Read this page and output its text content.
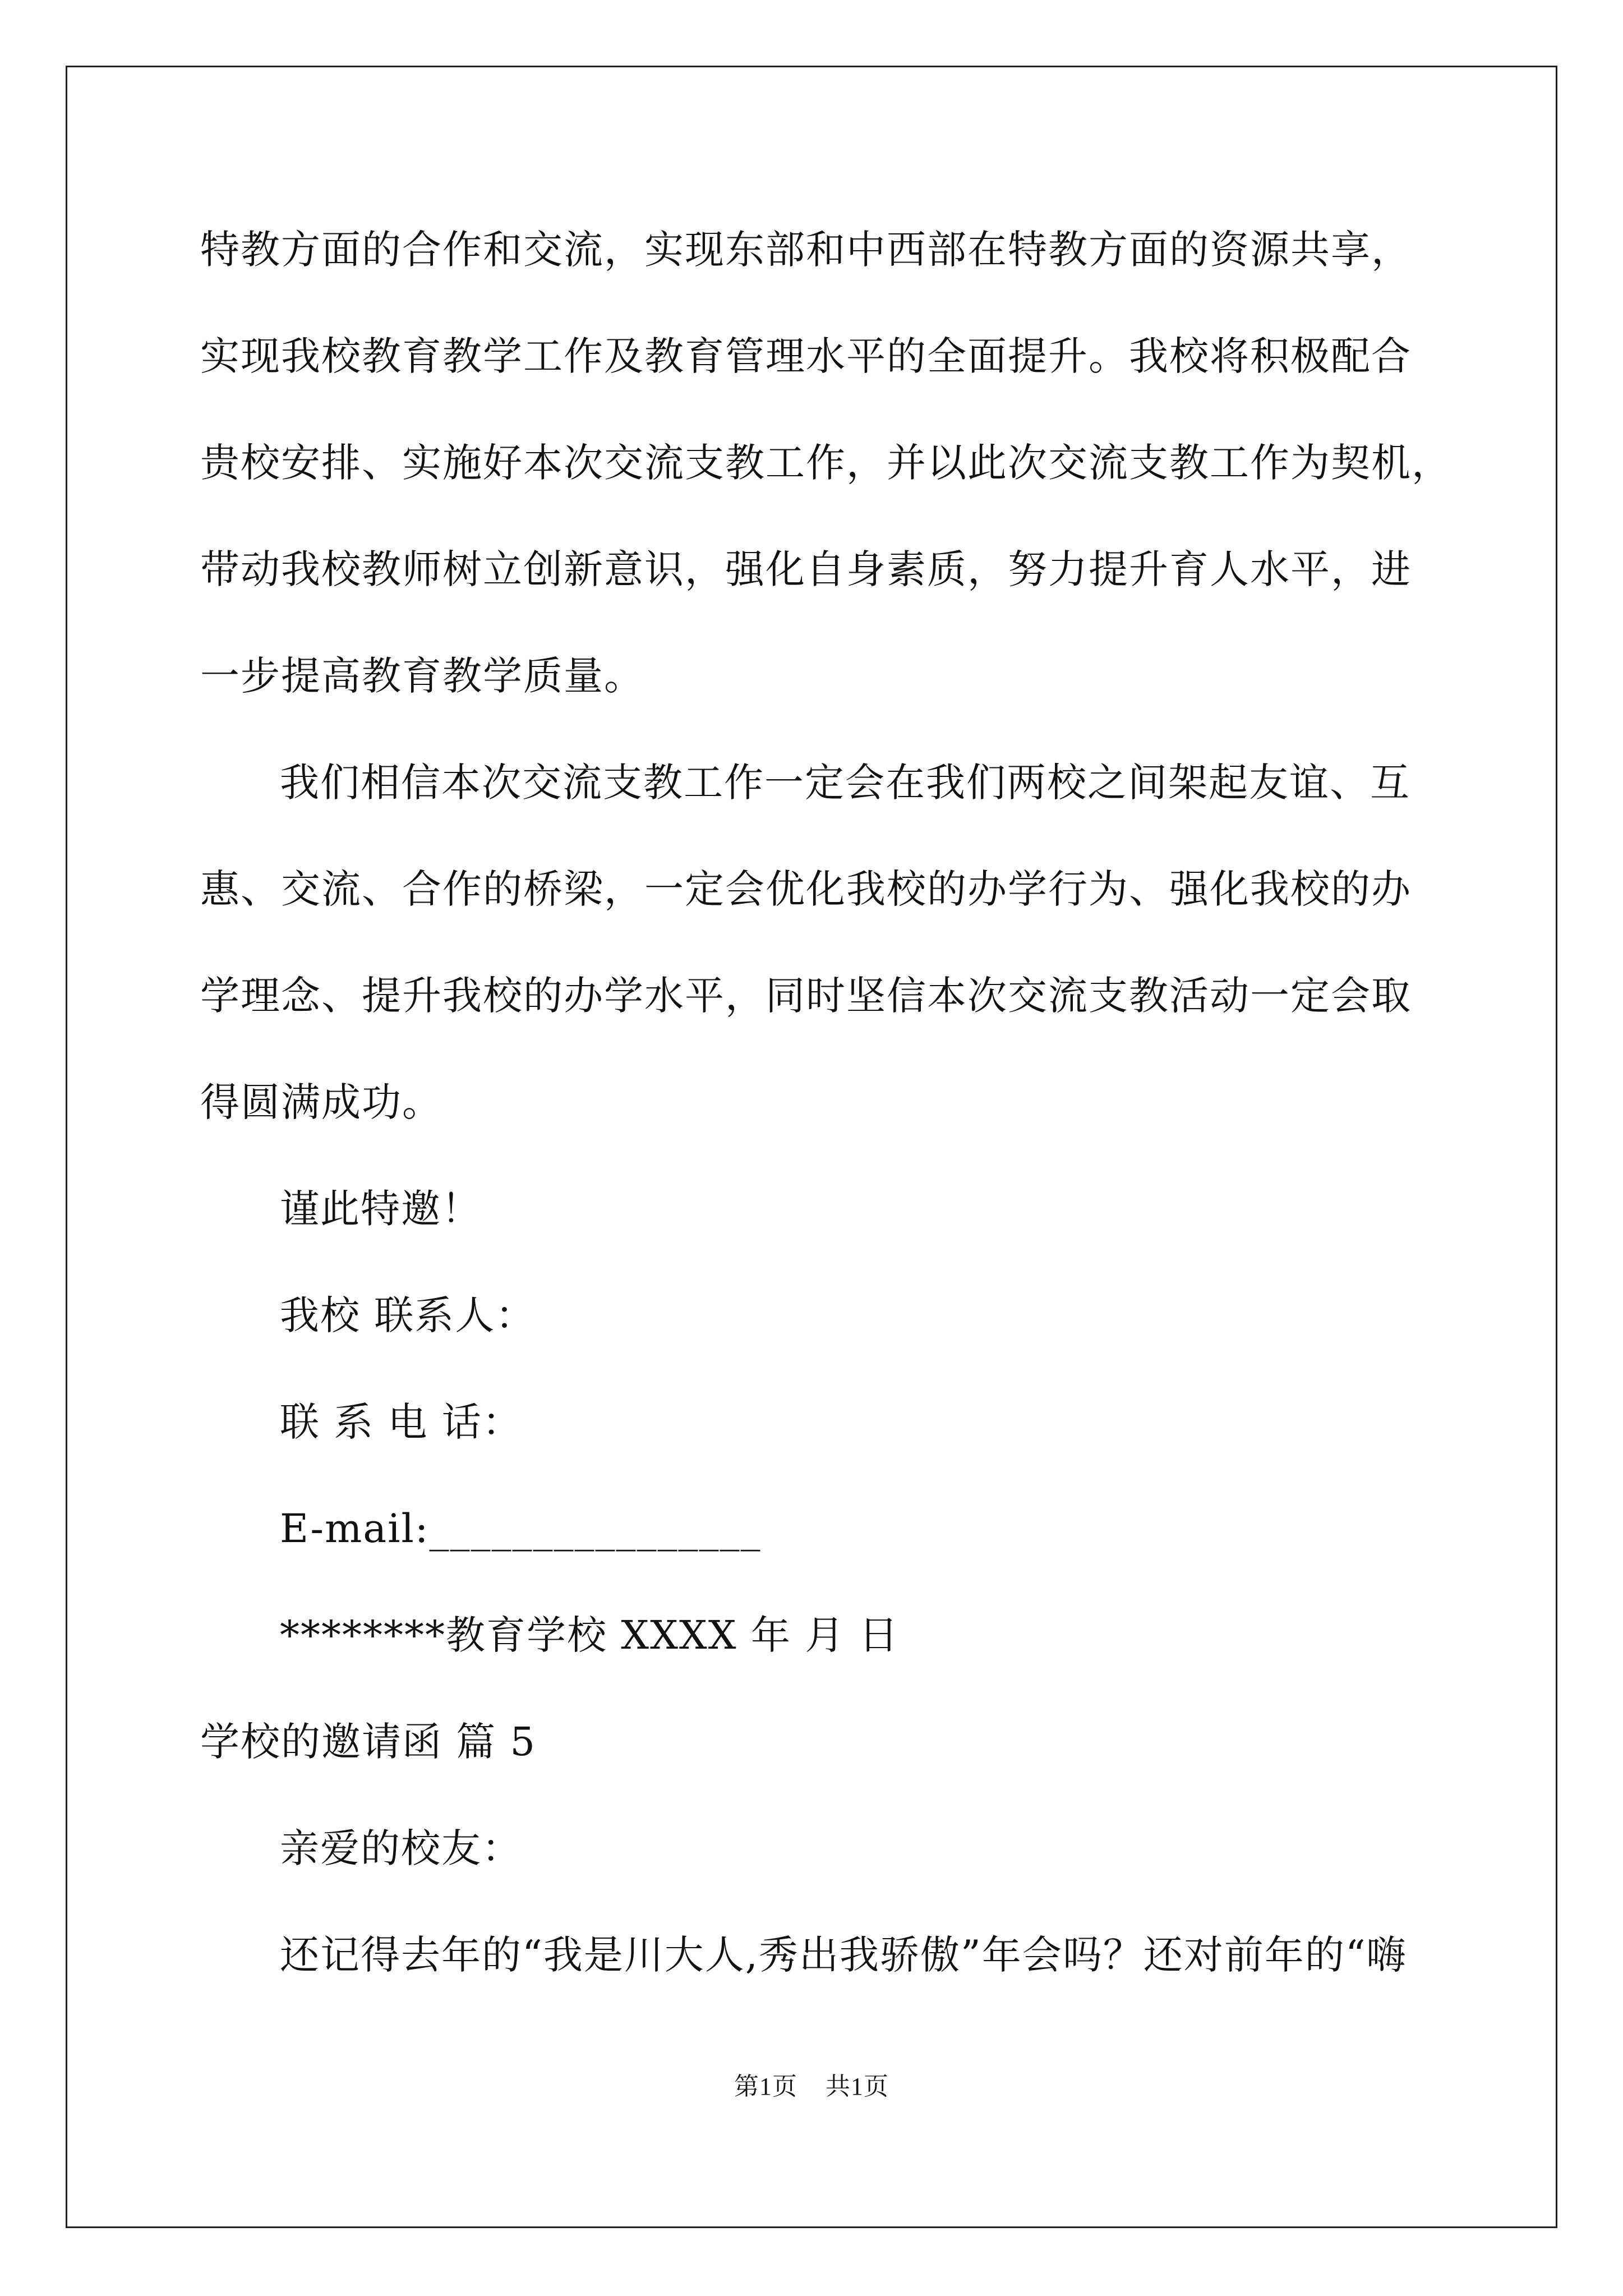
特教方面的合作和交流，实现东部和中西部在特教方面的资源共享，
实现我校教育教学工作及教育管理水平的全面提升。我校将积极配合
贵校安排、实施好本次交流支教工作，并以此次交流支教工作为契机，
带动我校教师树立创新意识，强化自身素质，努力提升育人水平，进
一步提高教育教学质量。
我们相信本次交流支教工作一定会在我们两校之间架起友谊、互
惠、交流、合作的桥梁，一定会优化我校的办学行为、强化我校的办
学理念、提升我校的办学水平，同时坚信本次交流支教活动一定会取
得圆满成功。
谨此特邀！
我校 联系人：
联 系 电 话：
E-mail:________________
********教育学校 XXXX 年 月 日
学校的邀请函 篇 5
亲爱的校友：
还记得去年的“我是川大人,秀出我骄傲”年会吗？还对前年的“嗨
第1页 共1页
